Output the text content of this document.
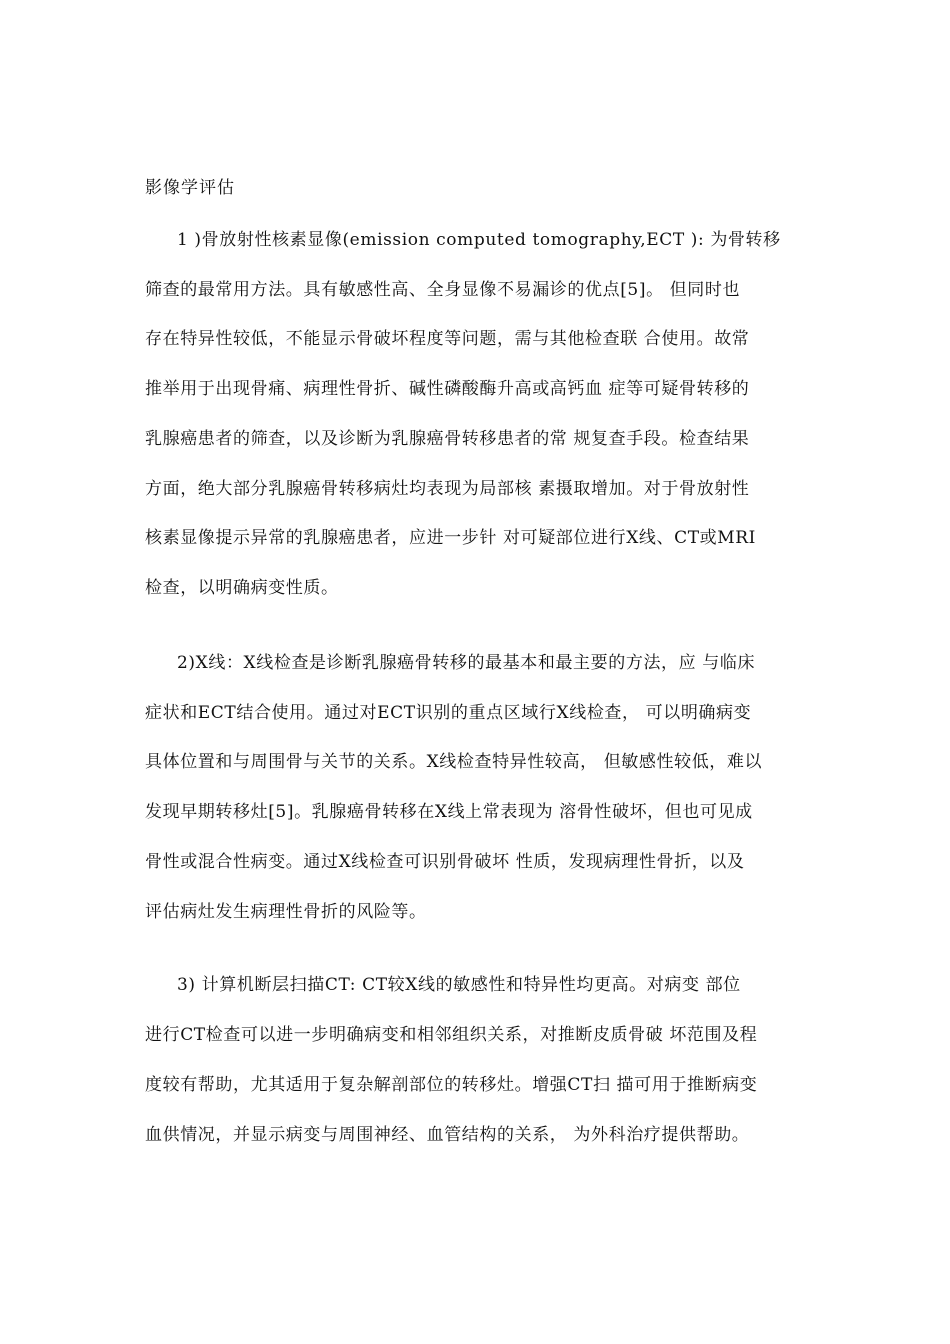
影像学评估
1 )骨放射性核素显像(emission computed tomography,ECT ): 为骨转移
筛查的最常用方法。具有敏感性高、全身显像不易漏诊的优点[5]。 但同时也
存在特异性较低，不能显示骨破坏程度等问题，需与其他检查联 合使用。故常
推举用于出现骨痛、病理性骨折、碱性磷酸酶升高或高钙血 症等可疑骨转移的
乳腺癌患者的筛查，以及诊断为乳腺癌骨转移患者的常 规复查手段。检查结果
方面，绝大部分乳腺癌骨转移病灶均表现为局部核 素摄取增加。对于骨放射性
核素显像提示异常的乳腺癌患者，应进一步针 对可疑部位进行X线、CT或MRI
检查，以明确病变性质。
2)X线：X线检查是诊断乳腺癌骨转移的最基本和最主要的方法，应 与临床
症状和ECT结合使用。通过对ECT识别的重点区域行X线检查， 可以明确病变
具体位置和与周围骨与关节的关系。X线检查特异性较高， 但敏感性较低，难以
发现早期转移灶[5]。乳腺癌骨转移在X线上常表现为 溶骨性破坏，但也可见成
骨性或混合性病变。通过X线检查可识别骨破坏 性质，发现病理性骨折，以及
评估病灶发生病理性骨折的风险等。
3) 计算机断层扫描CT: CT较X线的敏感性和特异性均更高。对病变 部位
进行CT检查可以进一步明确病变和相邻组织关系，对推断皮质骨破 坏范围及程
度较有帮助，尤其适用于复杂解剖部位的转移灶。增强CT扫 描可用于推断病变
血供情况，并显示病变与周围神经、血管结构的关系， 为外科治疗提供帮助。
